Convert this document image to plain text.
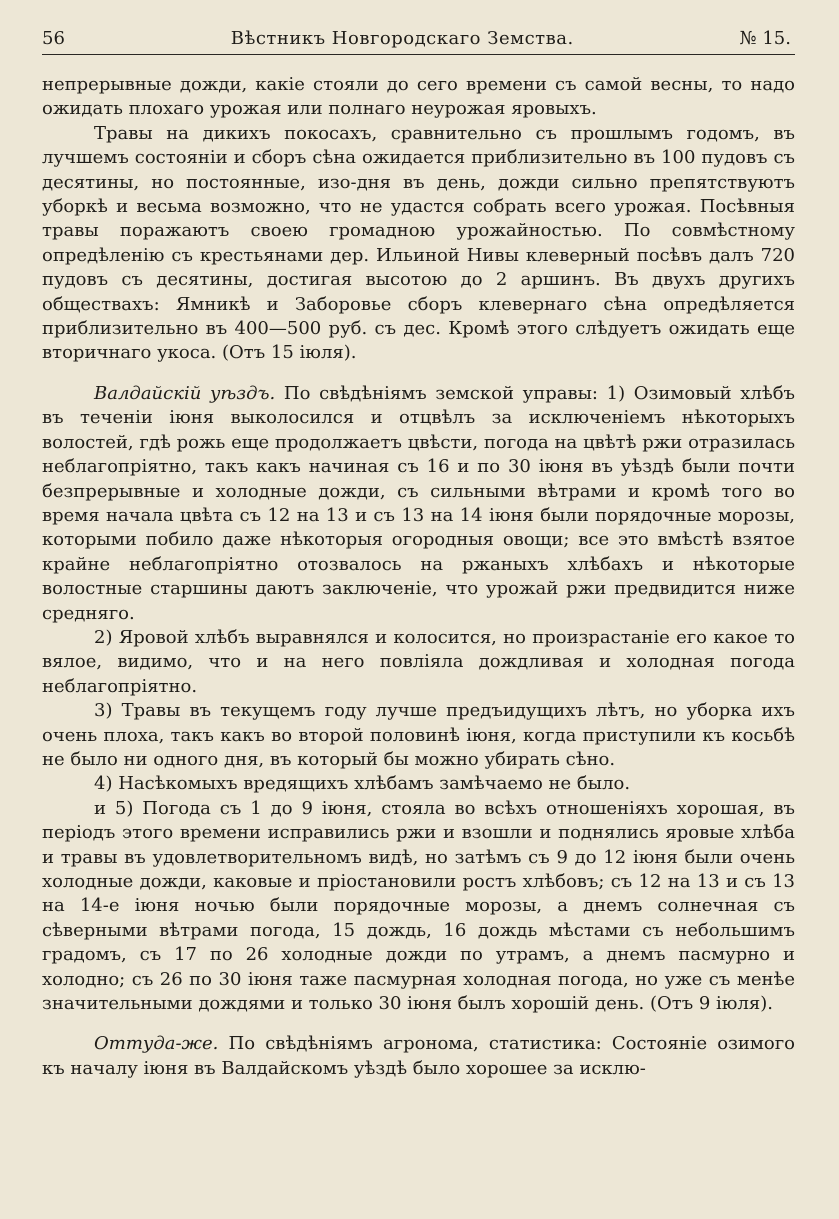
56	Вѣстникъ Новгородскаго Земства.	№ 15.

непрерывные дожди, какіе стояли до сего времени съ самой весны, то надо ожидать плохаго урожая или полнаго неурожая яровыхъ.

Травы на дикихъ покосахъ, сравнительно съ прошлымъ годомъ, въ лучшемъ состояніи и сборъ сѣна ожидается приблизительно въ 100 пудовъ съ десятины, но постоянные, изо-дня въ день, дожди сильно препятствуютъ уборкѣ и весьма возможно, что не удастся собрать всего урожая. Посѣвныя травы поражаютъ своею громадною урожайностью. По совмѣстному опредѣленію съ крестьянами дер. Ильиной Нивы клеверный посѣвъ далъ 720 пудовъ съ десятины, достигая высотою до 2 аршинъ. Въ двухъ другихъ обществахъ: Ямникѣ и Заборовье сборъ клевернаго сѣна опредѣляется приблизительно въ 400—500 руб. съ дес. Кромѣ этого слѣдуетъ ожидать еще вторичнаго укоса. (Отъ 15 іюля).

Валдайскій уѣздъ. По свѣдѣніямъ земской управы: 1) Озимовый хлѣбъ въ теченіи іюня выколосился и отцвѣлъ за исключеніемъ нѣкоторыхъ волостей, гдѣ рожь еще продолжаетъ цвѣсти, погода на цвѣтѣ ржи отразилась неблагопріятно, такъ какъ начиная съ 16 и по 30 іюня въ уѣздѣ были почти безпрерывные и холодные дожди, съ сильными вѣтрами и кромѣ того во время начала цвѣта съ 12 на 13 и съ 13 на 14 іюня были порядочные морозы, которыми побило даже нѣкоторыя огородныя овощи; все это вмѣстѣ взятое крайне неблагопріятно отозвалось на ржаныхъ хлѣбахъ и нѣкоторые волостные старшины даютъ заключеніе, что урожай ржи предвидится ниже средняго.

2) Яровой хлѣбъ выравнялся и колосится, но произрастаніе его какое то вялое, видимо, что и на него повліяла дождливая и холодная погода неблагопріятно.

3) Травы въ текущемъ году лучше предъидущихъ лѣтъ, но уборка ихъ очень плоха, такъ какъ во второй половинѣ іюня, когда приступили къ косьбѣ не было ни одного дня, въ который бы можно убирать сѣно.

4) Насѣкомыхъ вредящихъ хлѣбамъ замѣчаемо не было.

и 5) Погода съ 1 до 9 іюня, стояла во всѣхъ отношеніяхъ хорошая, въ періодъ этого времени исправились ржи и взошли и поднялись яровые хлѣба и травы въ удовлетворительномъ видѣ, но затѣмъ съ 9 до 12 іюня были очень холодные дожди, каковые и пріостановили ростъ хлѣбовъ; съ 12 на 13 и съ 13 на 14-е іюня ночью были порядочные морозы, а днемъ солнечная съ сѣверными вѣтрами погода, 15 дождь, 16 дождь мѣстами съ небольшимъ градомъ, съ 17 по 26 холодные дожди по утрамъ, а днемъ пасмурно и холодно; съ 26 по 30 іюня таже пасмурная холодная погода, но уже съ менѣе значительными дождями и только 30 іюня былъ хорошій день. (Отъ 9 іюля).

Оттуда-же. По свѣдѣніямъ агронома, статистика: Состояніе озимого къ началу іюня въ Валдайскомъ уѣздѣ было хорошее за исклю-
